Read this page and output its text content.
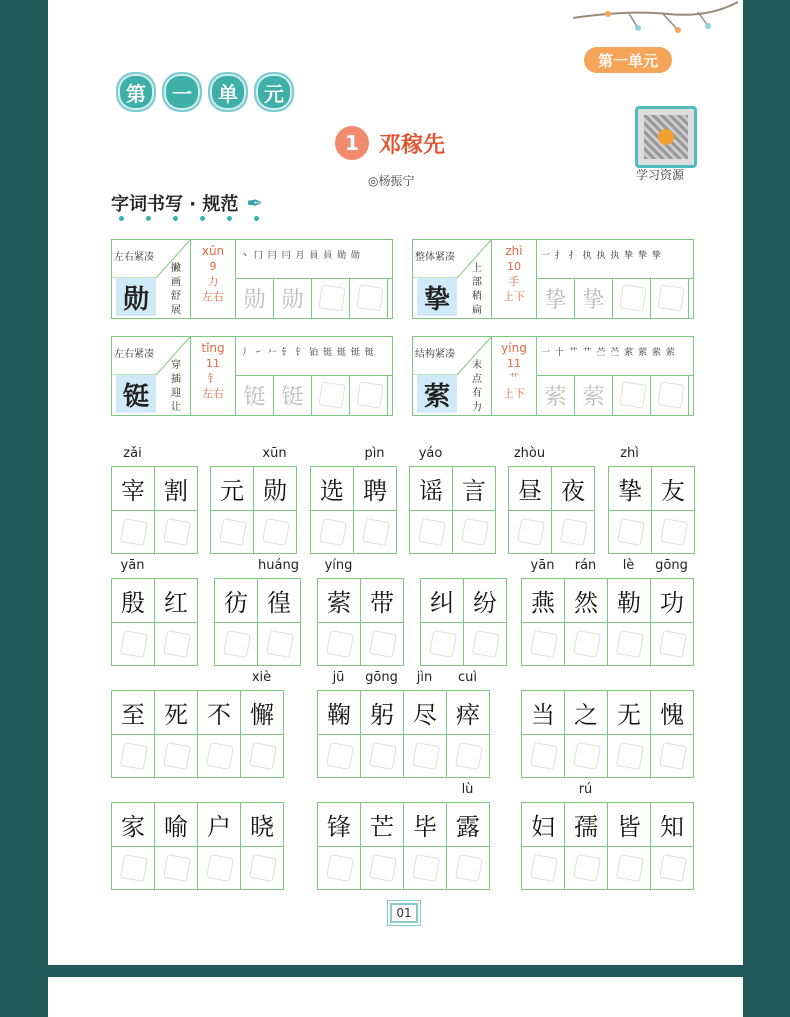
第一单元
第	一	单	元
1 邓稼先
◎杨振宁	学习资源
字词书写 · 规范 ✒
左右紧凑
勋
撇画舒展
xūn
9
力
左右
丶 冂 冃 冃 月 員 員 勋 勋
勋 勋
整体紧凑
挚
上部稍扁
zhì
10
手
上下
一 扌 扌 执 执 执 挚 挚 挚
挚 挚
左右紧凑
铤
穿插迎让
tǐng
11
钅
左右
丿 ㇀ 𠂉 钅 钅 铂 铤 铤 铤 铤
铤 铤
结构紧凑
萦
末点有力
yíng
11
艹
上下
一 十 艹 艹 苎 苎 萦 萦 萦 萦
萦 萦
zǎi
宰 割
xūn
元 勋
pìn
选 聘
yáo
谣 言
zhòu
昼 夜
zhì
挚 友
yān
殷 红
huáng
彷 徨
yíng
萦 带	纠 纷
yān	rán	lè	gōng
燕 然 勒 功
xiè
至 死 不 懈
jū	gōng	jìn	cuì
鞠 躬 尽 瘁	当 之 无 愧
家 喻 户 晓
lù
锋 芒 毕 露
rú
妇 孺 皆 知
01
